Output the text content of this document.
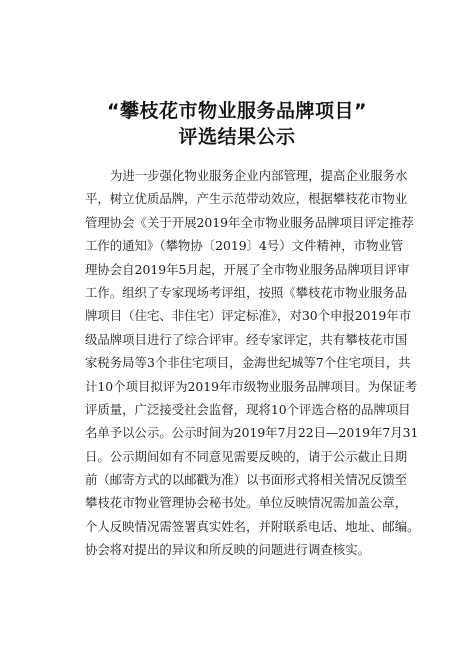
“攀枝花市物业服务品牌项目”
评选结果公示
为进一步强化物业服务企业内部管理，提高企业服务水
平，树立优质品牌，产生示范带动效应，根据攀枝花市物业
管理协会《关于开展2019年全市物业服务品牌项目评定推荐
工作的通知》（攀物协〔2019〕4号）文件精神，市物业管
理协会自2019年5月起，开展了全市物业服务品牌项目评审
工作。组织了专家现场考评组，按照《攀枝花市物业服务品
牌项目（住宅、非住宅）评定标准》，对30个申报2019年市
级品牌项目进行了综合评审。经专家评定，共有攀枝花市国
家税务局等3个非住宅项目，金海世纪城等7个住宅项目，共
计10个项目拟评为2019年市级物业服务品牌项目。为保证考
评质量，广泛接受社会监督，现将10个评选合格的品牌项目
名单予以公示。公示时间为2019年7月22日—2019年7月31
日。公示期间如有不同意见需要反映的，请于公示截止日期
前（邮寄方式的以邮戳为准）以书面形式将相关情况反馈至
攀枝花市物业管理协会秘书处。单位反映情况需加盖公章，
个人反映情况需签署真实姓名，并附联系电话、地址、邮编。
协会将对提出的异议和所反映的问题进行调查核实。
